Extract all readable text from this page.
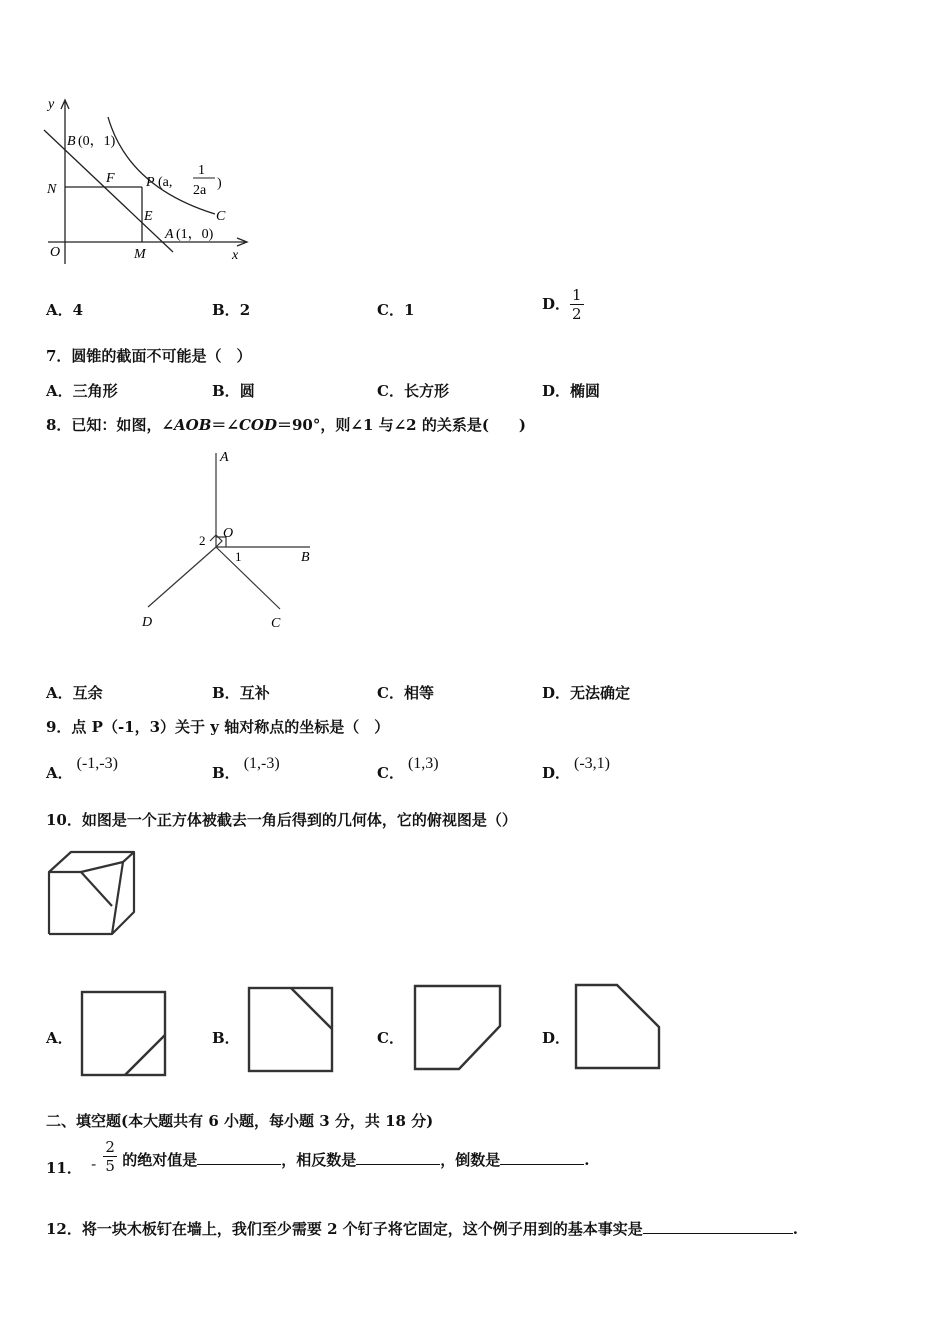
y
x
O
N
M
B (0，1)
F
E
P (a,
1
2a )
C
A (1，0)
A．4	B．2	C．1	D． $\frac{1}{2}$
7．圆锥的截面不可能是（　）
A．三角形	B．圆	C．长方形	D．椭圆
8．已知：如图，∠AOB＝∠COD＝90°，则∠1 与∠2 的关系是(　　)
A
B
C
D
O
1
2
A．互余	B．互补	C．相等	D．无法确定
9．点 P（-1，3）关于 y 轴对称点的坐标是（　）
A．(-1,-3)
B．(1,-3)
C．(1,3)
D．(-3,1)
10．如图是一个正方体被截去一角后得到的几何体，它的俯视图是（）
A．	B．	C．	D．
二、填空题(本大题共有 6 小题，每小题 3 分，共 18 分)
11． - $\frac{2}{5}$ 的绝对值是	，相反数是	，倒数是	.
12．将一块木板钉在墙上，我们至少需要 2 个钉子将它固定，这个例子用到的基本事实是	.
